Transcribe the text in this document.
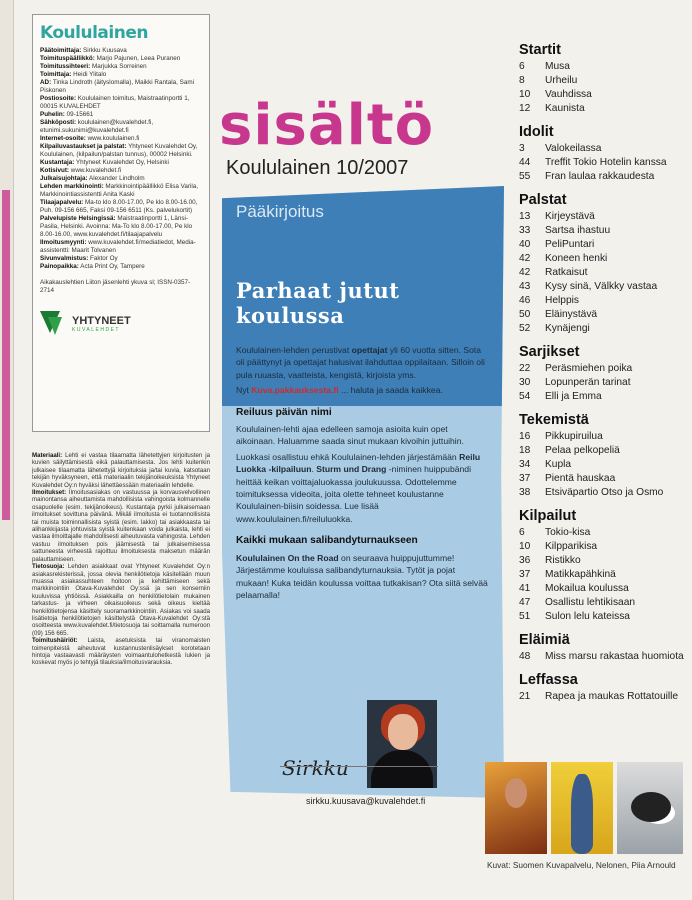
Koululainen

Päätoimittaja: Sirkku Kuusava

Toimituspäällikkö: Marjo Pajunen, Leea Puranen

Toimitussihteeri: Marjukka Sorreinen

Toimittaja: Heidi Ylitalo

AD: Tinka Lindroth (äityslomalla), Maikki Rantala, Sami Piskonen

Postiosoite: Koululainen toimitus, Maistraatinportti 1, 00015 KUVALEHDET

Puhelin: 09-15661

Sähköposti: koululainen@kuvalehdet.fi, etunimi.sukunimi@kuvalehdet.fi

Internet-osoite: www.koululainen.fi

Kilpailuvastaukset ja palstat: Yhtyneet Kuvalehdet Oy, Koululainen, (kilpailun/palstan tunnus), 00002 Helsinki.

Kustantaja: Yhtyneet Kuvalehdet Oy, Helsinki

Kotisivut: www.kuvalehdet.fi

Julkaisujohtaja: Alexander Lindholm

Lehden markkinointi: Markkinointipäällikkö Elisa Varila, Markkinointiassistentti Anita Kaski

Tilaajapalvelu: Ma-to klo 8.00-17.00, Pe klo 8.00-16.00, Puh. 09-156 665, Faksi 09-156 6511 (Ks. palvelukortit)

Palvelupiste Helsingissä: Maistraatinportti 1, Länsi-Pasila, Helsinki. Avoinna: Ma-To klo 8.00-17.00, Pe klo 8.00-16.00, www.kuvalehdet.fi/tilaajapalvelu

Ilmoitusmyynti: www.kuvalehdet.fi/mediatiedot, Media-assistentti: Maarit Tolvanen

Sivunvalmistus: Faktor Oy

Painopaikka: Acta Print Oy, Tampere

Aikakauslehtien Liiton jäsenlehti ykuva sl; ISSN-0357-2714

YHTYNEET
KUVALEHDET

Materiaali: Lehti ei vastaa tilaamatta lähetettyjen kirjoitusten ja kuvien säilyttämisestä eikä palauttamisesta. Jos lehti kuitenkin julkaisee tilaamatta lähetettyjä kirjoituksia ja/tai kuvia, katsotaan tekijän hyväksyneen, että materiaalin tekijänoikeuksista Yhtyneet Kuvalehdet Oy:n hyväksi lähettäessään materiaalin lehdelle.

Ilmoitukset: Ilmoitusasiakas on vastuussa ja korvausvelvollinen mainontansa aiheuttamista mahdollisista vahingoista kolmannelle osapuolelle (esim. tekijänoikeus). Kustantaja pyrkii julkaisemaan ilmoitukset sovittuna päivänä. Mikäli ilmoitusta ei tuotannollisista tai muista toiminnallisista syistä (esim. lakko) tai asiakkaasta tai alihankkijasta johtuvista syistä kuitenkaan voida julkaista, lehti ei vastaa ilmoittajalle mahdollisesti aiheutuvasta vahingosta. Lehden vastuu ilmoituksen pois jäämisestä tai julkaisemisessa sattuneesta virheestä rajoittuu ilmoituksesta maksetun määrän palauttamiseen.

Tietosuoja: Lehden asiakkaat ovat Yhtyneet Kuvalehdet Oy:n asiakasrekisterissä, jossa olevia henkilötietoja käsitellään muun muassa asiakassuhteen hoitoon ja kehittämiseen sekä markkinointiin Otava-Kuvalehdet Oy:ssä ja sen konserniin kuuluvissa yhtiöissä. Asiakkailla on henkilötietolain mukainen tarkastus- ja virheen oikaisuoikeus sekä oikeus kieltää henkilötietojensa käsittely suoramarkkinointiin. Asiakas voi saada lisätietoja henkilötietojen käsittelystä Otava-Kuvalehdet Oy:stä osoitteesta www.kuvalehdet.fi/tietosuoja tai soittamalla numeroon (09) 156 665.

Toimitushäiriöt: Laista, asetuksista tai viranomaisten toimenpiteistä aiheutuvat kustannustenlisäykset korotetaan hintoja vastaavasti määräysten voimaantulohetkestä lukien ja koskevat myös jo tehtyjä tilauksia/ilmoitusvarauksia.

sisältö
Koululainen 10/2007
Pääkirjoitus
Parhaat jutut koulussa

Koululainen-lehden perustivat opettajat yli 60 vuotta sitten. Sota oli päättynyt ja opettajat halusivat ilahduttaa oppilaitaan. Silloin oli pula ruuasta, vaatteista, kengistä, kirjoista yms.

Nyt Kuva.pakkauksesta.fi ... haluta ja saada kaikkea.

Reiluus päivän nimi

Koululainen-lehti ajaa edelleen samoja asioita kuin opet aikoinaan. Haluamme saada sinut mukaan kivoihin juttuihin.

Luokkasi osallistuu ehkä Koululainen-lehden järjestämään Reilu Luokka -kilpailuun. Sturm und Drang -niminen huippubändi heittää keikan voittajaluokassa joulukuussa. Odottelemme toimituksessa videoita, joita olette tehneet koulustanne Koululainen-biisin soidessa. Lue lisää www.koululainen.fi/reiluluokka.

Kaikki mukaan salibandyturnaukseen

Koululainen On the Road on seuraava huippujuttumme! Järjestämme kouluissa salibandyturnauksia. Tytöt ja pojat mukaan! Kuka teidän koulussa voittaa tutkakisan? Ota siitä selvää pelaamalla!

Sirkku
sirkku.kuusava@kuvalehdet.fi
Startit
6	Musa
8	Urheilu
10	Vauhdissa
12	Kaunista
Idolit
3	Valokeilassa
44	Treffit Tokio Hotelin kanssa
55	Fran laulaa rakkaudesta
Palstat
13	Kirjeystävä
33	Sartsa ihastuu
40	PeliPuntari
42	Koneen henki
42	Ratkaisut
43	Kysy sinä, Välkky vastaa
46	Helppis
50	Eläinystävä
52	Kynäjengi
Sarjikset
22	Peräsmiehen poika
30	Lopunperän tarinat
54	Elli ja Emma
Tekemistä
16	Pikkupiruilua
18	Pelaa pelkopeliä
34	Kupla
37	Pientä hauskaa
38	Etsiväpartio Otso ja Osmo
Kilpailut
6	Tokio-kisa
10	Kilpparikisa
36	Ristikko
37	Matikkapähkinä
41	Mokailua koulussa
47	Osallistu lehtikisaan
51	Sulon lelu kateissa
Eläimiä
48	Miss marsu rakastaa huomiota
Leffassa
21	Rapea ja maukas Rottatouille
Kuvat: Suomen Kuvapalvelu, Nelonen, Piia Arnould
